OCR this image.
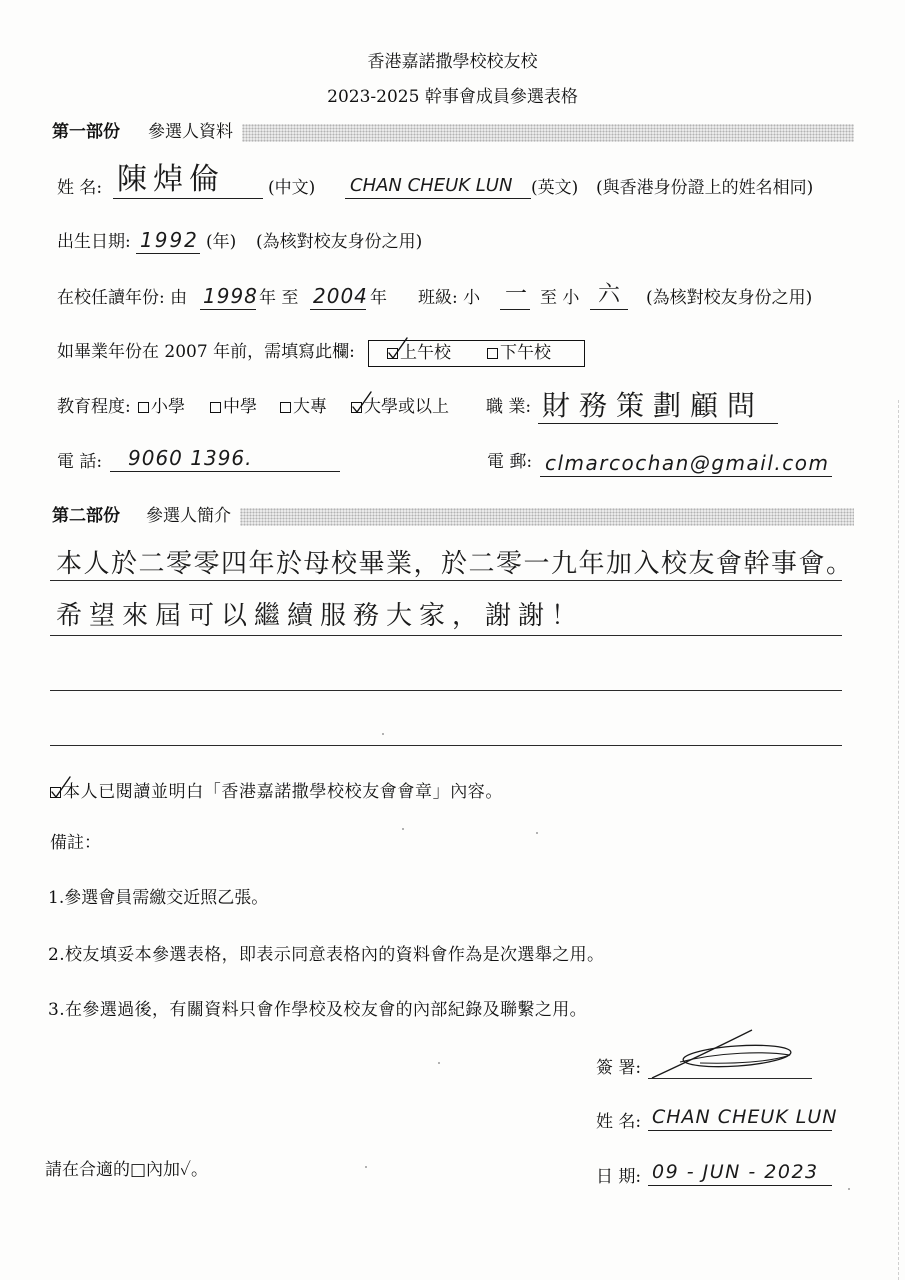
香港嘉諾撒學校校友校
2023-2025 幹事會成員參選表格
第一部份 參選人資料
姓 名: 陳焯倫	(中文) CHAN CHEUK LUN (英文) (與香港身份證上的姓名相同)
出生日期: 1992 (年) (為核對校友身份之用)
在校任讀年份: 由 1998 年 至 2004 年 班級: 小 一 至 小 六 (為核對校友身份之用)
如畢業年份在 2007 年前，需填寫此欄:	上午校	下午校
教育程度: 小學 中學 大專 大學或以上 職 業: 財務策劃顧問
電 話:	9060 1396.	電 郵: clmarcochan@gmail.com
第二部份 參選人簡介
本人於二零零四年於母校畢業，於二零一九年加入校友會幹事會。
希望來屆可以繼續服務大家，謝謝！
本人已閱讀並明白「香港嘉諾撒學校校友會會章」內容。
備註：
1.參選會員需繳交近照乙張。
2.校友填妥本參選表格，即表示同意表格內的資料會作為是次選舉之用。
3.在參選過後，有關資料只會作學校及校友會的內部紀錄及聯繫之用。
簽 署:
姓 名: CHAN CHEUK LUN
日 期: 09 - JUN - 2023
請在合適的□內加✓。
